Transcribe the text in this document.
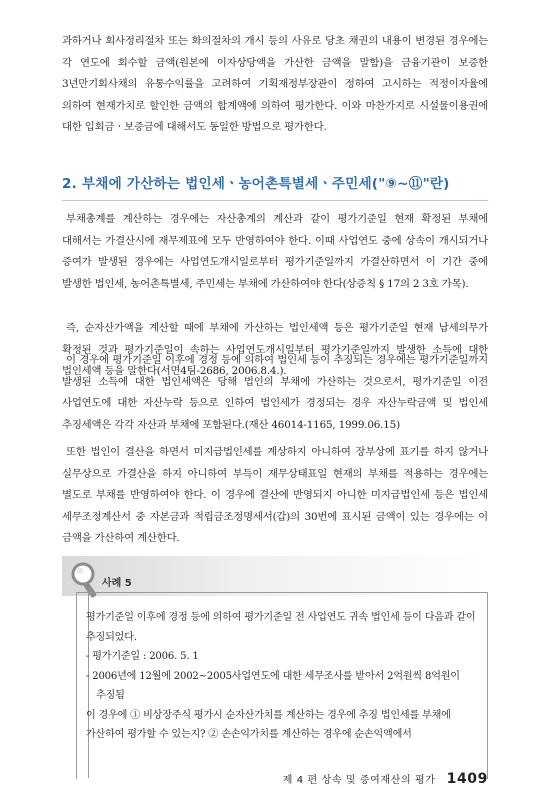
과하거나 회사정리절차 또는 화의절차의 개시 등의 사유로 당초 채권의 내용이 변경된 경우에는 각 연도에 회수할 금액(원본에 이자상당액을 가산한 금액을 말함)을 금융기관이 보증한 3년만기회사채의 유통수익률을 고려하여 기획재정부장관이 정하여 고시하는 적정이자율에 의하여 현재가치로 할인한 금액의 합계액에 의하여 평가한다. 이와 마찬가지로 시설물이용권에 대한 입회금ㆍ보증금에 대해서도 동일한 방법으로 평가한다.

2. 부채에 가산하는 법인세ㆍ농어촌특별세ㆍ주민세("⑨~⑪"란)

부채총계를 계산하는 경우에는 자산총계의 계산과 같이 평가기준일 현재 확정된 부채에 대해서는 가결산시에 재무제표에 모두 반영하여야 한다. 이때 사업연도 중에 상속이 개시되거나 증여가 발생된 경우에는 사업연도개시일로부터 평가기준일까지 가결산하면서 이 기간 중에 발생한 법인세, 농어촌특별세, 주민세는 부채에 가산하여야 한다(상증칙 § 17의 2 3호 가목).

즉, 순자산가액을 계산할 때에 부채에 가산하는 법인세액 등은 평가기준일 현재 납세의무가 확정된 것과 평가기준일이 속하는 사업연도개시일부터 평가기준일까지 발생한 소득에 대한 법인세액 등을 말한다(서면4팀-2686, 2006.8.4.).

이 경우에 평가기준일 이후에 경정 등에 의하여 법인세 등이 추징되는 경우에는 평가기준일까지 발생된 소득에 대한 법인세액은 당해 법인의 부채에 가산하는 것으로서, 평가기준일 이전 사업연도에 대한 자산누락 등으로 인하여 법인세가 경정되는 경우 자산누락금액 및 법인세 추징세액은 각각 자산과 부채에 포함된다.(재산 46014-1165, 1999.06.15)

또한 법인이 결산을 하면서 미지급법인세를 계상하지 아니하여 장부상에 표기를 하지 않거나 실무상으로 가결산을 하지 아니하여 부득이 재무상태표일 현재의 부채를 적용하는 경우에는 별도로 부채를 반영하여야 한다. 이 경우에 결산에 반영되지 아니한 미지급법인세 등은 법인세 세무조정계산서 중 자본금과 적립금조정명세서(갑)의 30번에 표시된 금액이 있는 경우에는 이 금액을 가산하여 계산한다.

사례 5
평가기준일 이후에 경정 등에 의하여 평가기준일 전 사업연도 귀속 법인세 등이 다음과 같이 추징되었다.
- 평가기준일 : 2006. 5. 1
- 2006년에 12월에 2002~2005사업연도에 대한 세무조사를 받아서 2억원씩 8억원이 추징됨
이 경우에 ① 비상장주식 평가시 순자산가치를 계산하는 경우에 추징 법인세를 부채에 가산하여 평가할 수 있는지? ② 손손익가치를 계산하는 경우에 순손익액에서
제 4 편 상속 및 증여재산의 평가 1409
